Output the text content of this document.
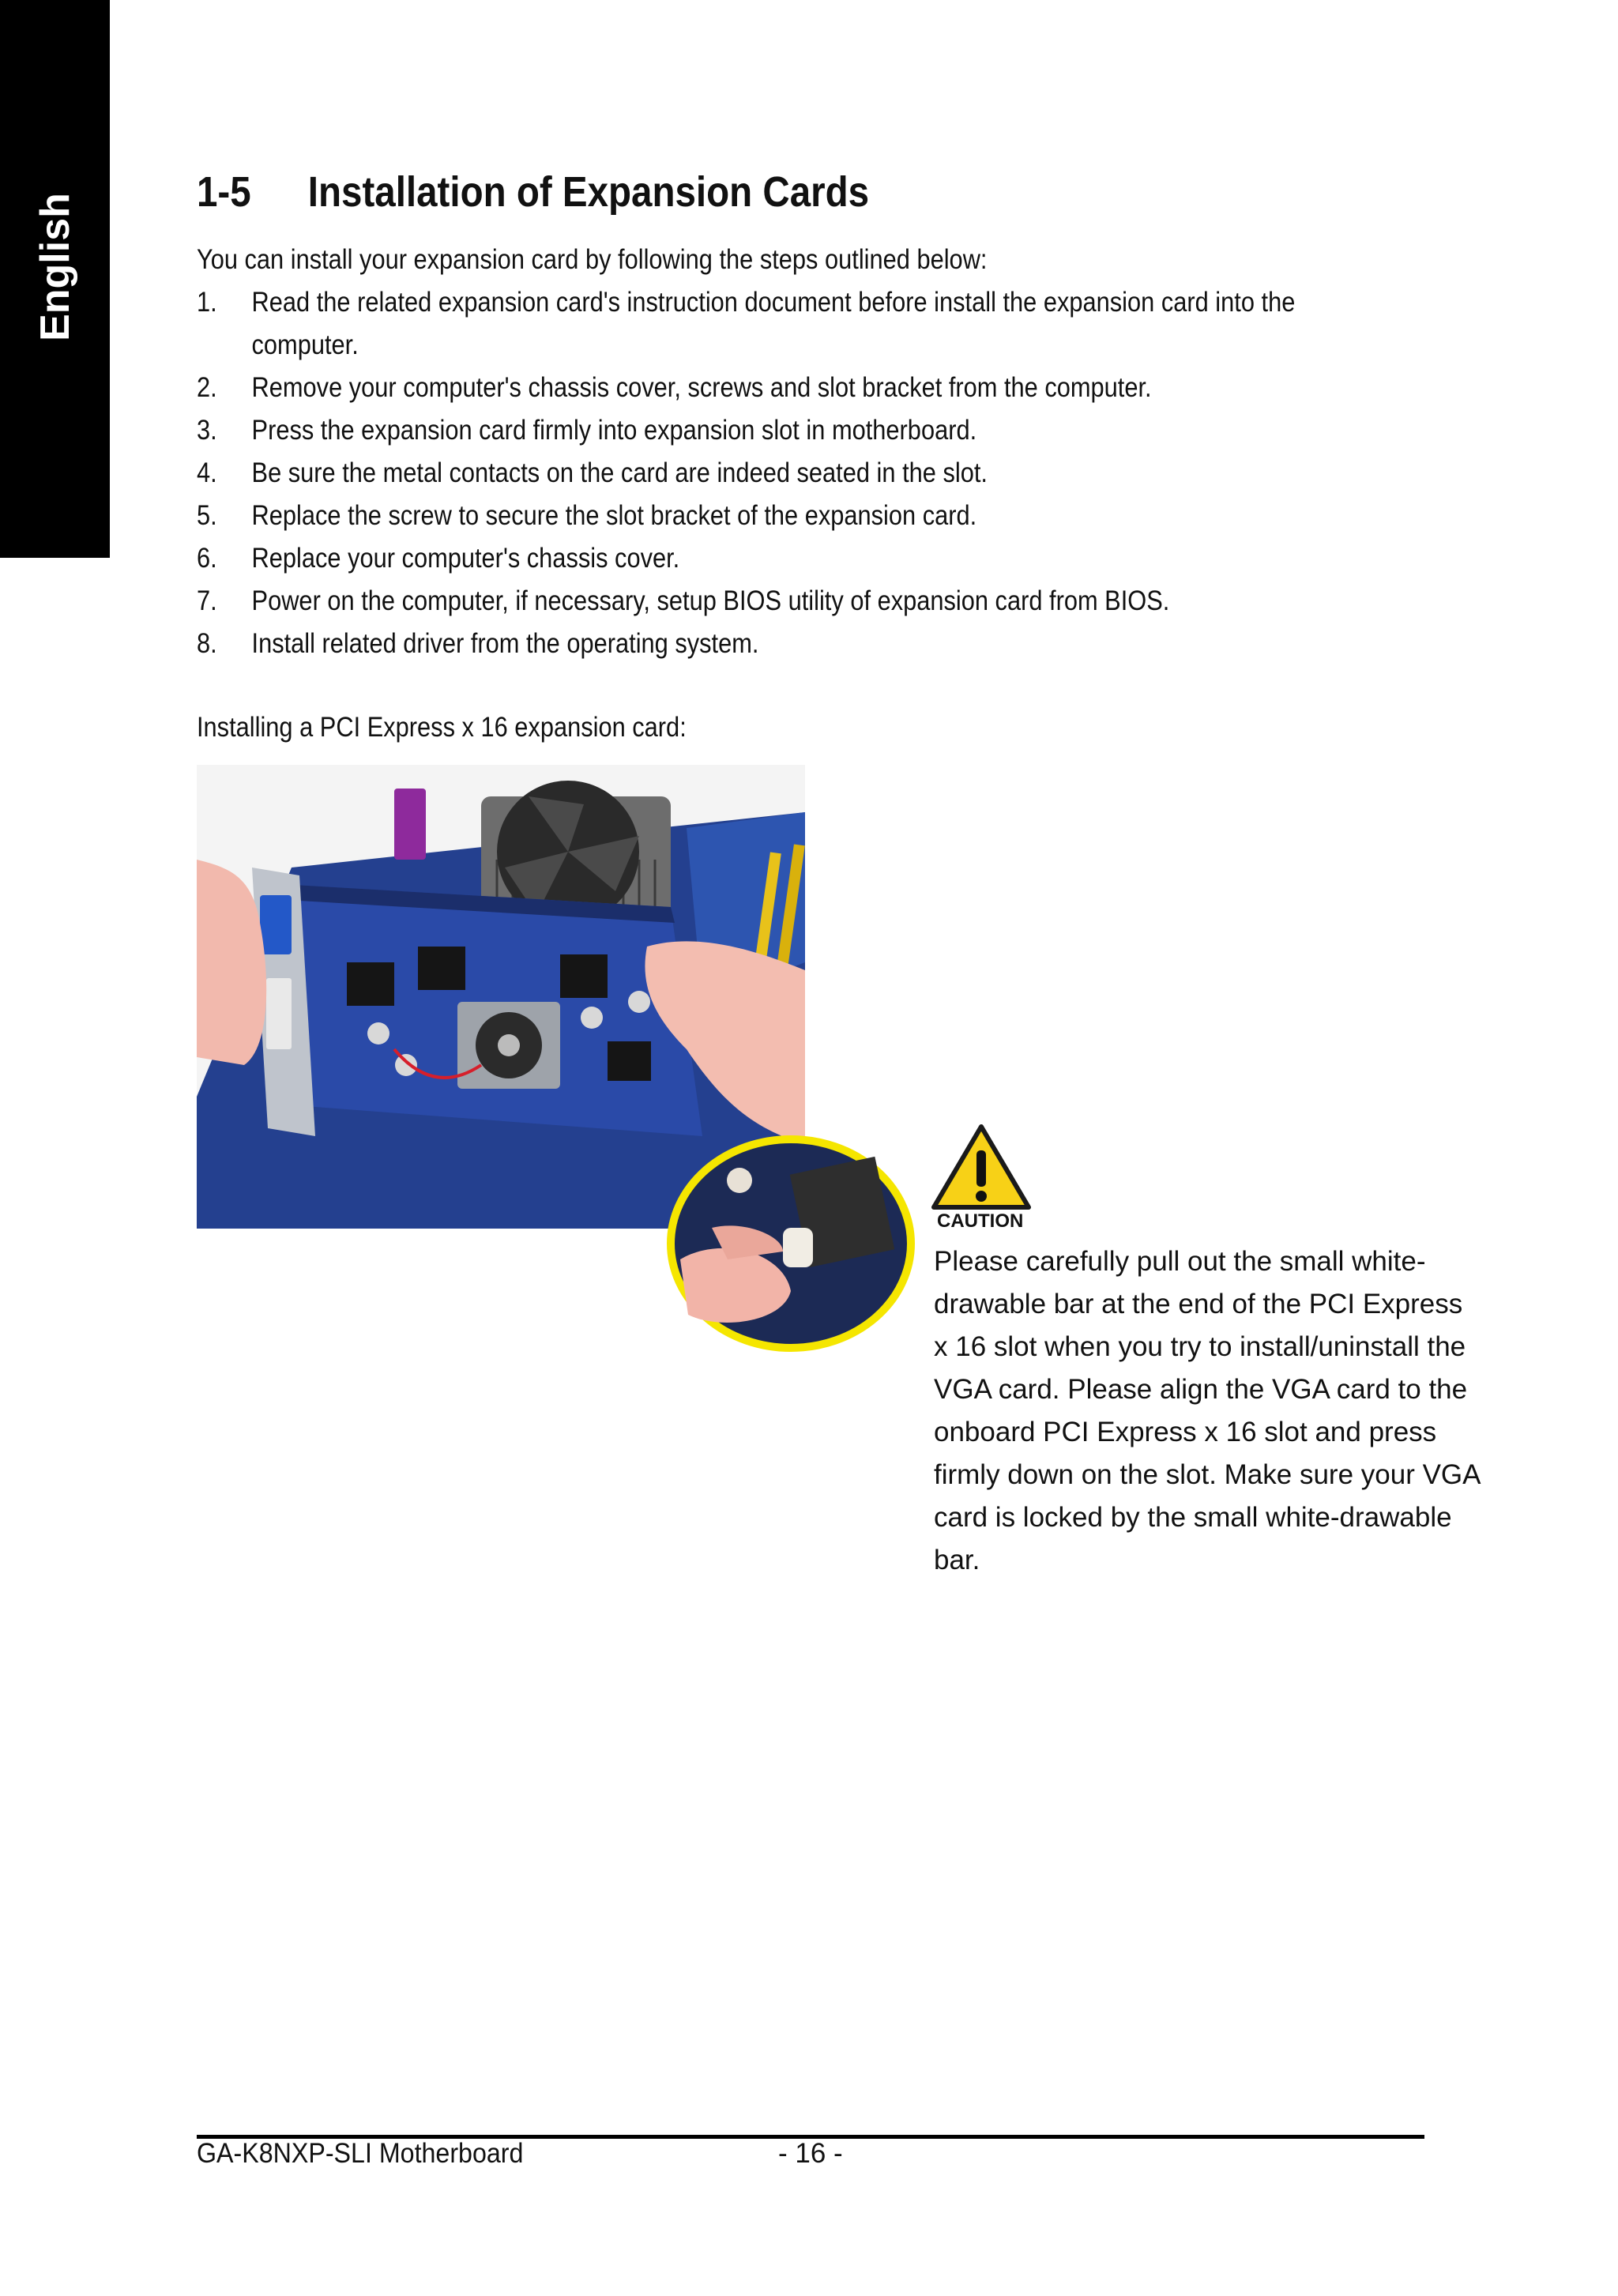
English
1-5	Installation of Expansion Cards
You can install your expansion card by following the steps outlined below:
1. Read the related expansion card's instruction document before install the expansion card into the
computer.
2. Remove your computer's chassis cover, screws and slot bracket from the computer.
3. Press the expansion card firmly into expansion slot in motherboard.
4. Be sure the metal contacts on the card are indeed seated in the slot.
5. Replace the screw to secure the slot bracket of the expansion card.
6. Replace your computer's chassis cover.
7. Power on the computer, if necessary, setup BIOS utility of expansion card from BIOS.
8. Install related driver from the operating system.
Installing a PCI Express x 16 expansion card:
CAUTION
Please carefully pull out the small white-
drawable bar at the end of the PCI Express
x 16 slot when you try to install/uninstall the
VGA card. Please align the VGA card to the
onboard PCI Express x 16 slot and press
firmly down on the slot. Make sure your VGA
card is locked by the small white-drawable
bar.
GA-K8NXP-SLI Motherboard	- 16 -
